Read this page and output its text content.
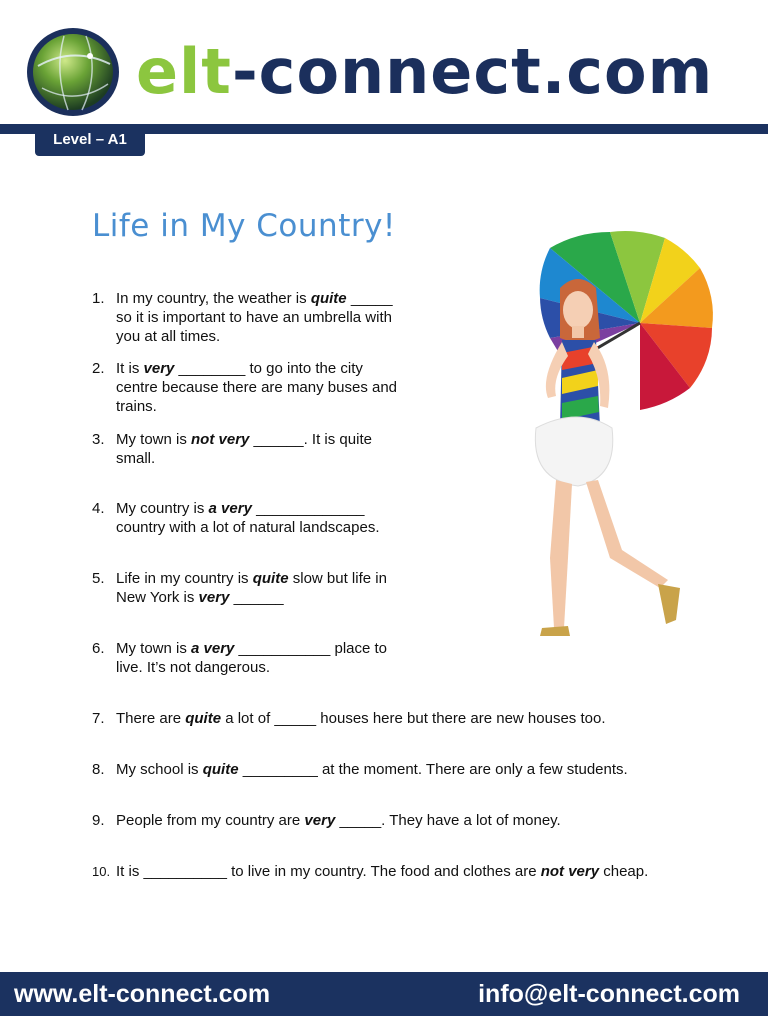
elt-connect.com
Level – A1
Life in My Country!
1. In my country, the weather is quite _____
so it is important to have an umbrella with
you at all times.
2. It is very ________ to go into the city
centre because there are many buses and
trains.
3. My town is not very ______. It is quite
small.
4. My country is a very _____________
country with a lot of natural landscapes.
5. Life in my country is quite slow but life in
New York is very ______
6. My town is a very ___________ place to
live. It’s not dangerous.
7. There are quite a lot of _____ houses here but there are new houses too.
8. My school is quite _________ at the moment. There are only a few students.
9. People from my country are very _____. They have a lot of money.
10. It is __________ to live in my country. The food and clothes are not very cheap.
www.elt-connect.com	info@elt-connect.com
